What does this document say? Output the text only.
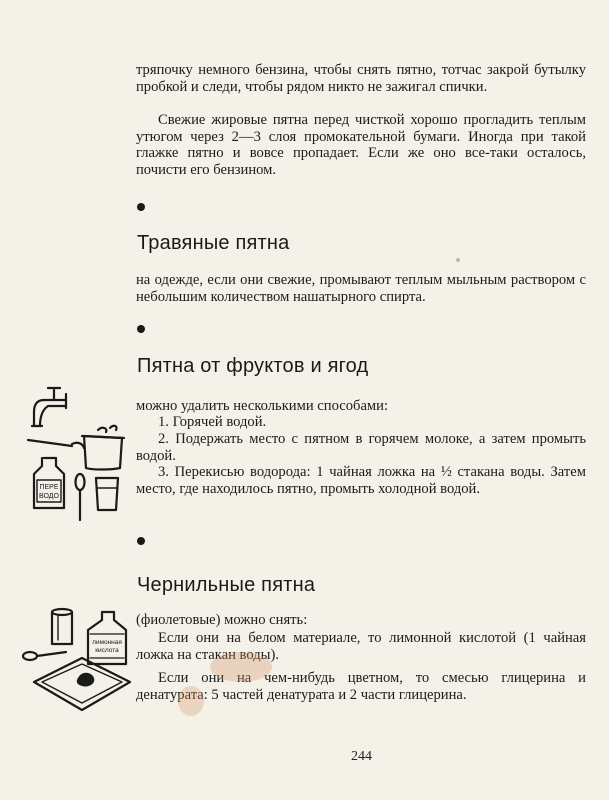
тряпочку немного бензина, чтобы снять пятно, тотчас закрой бутылку пробкой и следи, чтобы рядом никто не зажигал спички.

Свежие жировые пятна перед чисткой хорошо прогладить теплым утюгом через 2—3 слоя промокательной бумаги. Иногда при такой глажке пятно и вовсе пропадает. Если же оно все-таки осталось, почисти его бензином.

Травяные пятна

на одежде, если они свежие, промывают теплым мыльным раствором с небольшим количеством нашатырного спирта.

Пятна от фруктов и ягод

можно удалить несколькими способами:

1. Горячей водой.

2. Подержать место с пятном в горячем молоке, а затем промыть водой.

3. Перекисью водорода: 1 чайная ложка на ½ стакана воды. Затем место, где находилось пятно, промыть холодной водой.

Чернильные пятна

(фиолетовые) можно снять:

Если они на белом материале, то лимонной кислотой (1 чайная ложка на стакан воды).

Если они на чем-нибудь цветном, то смесью глицерина и денатурата: 5 частей денатурата и 2 части глицерина.

244
ПЕРЕ
ВОДО
лимонная
кислота
